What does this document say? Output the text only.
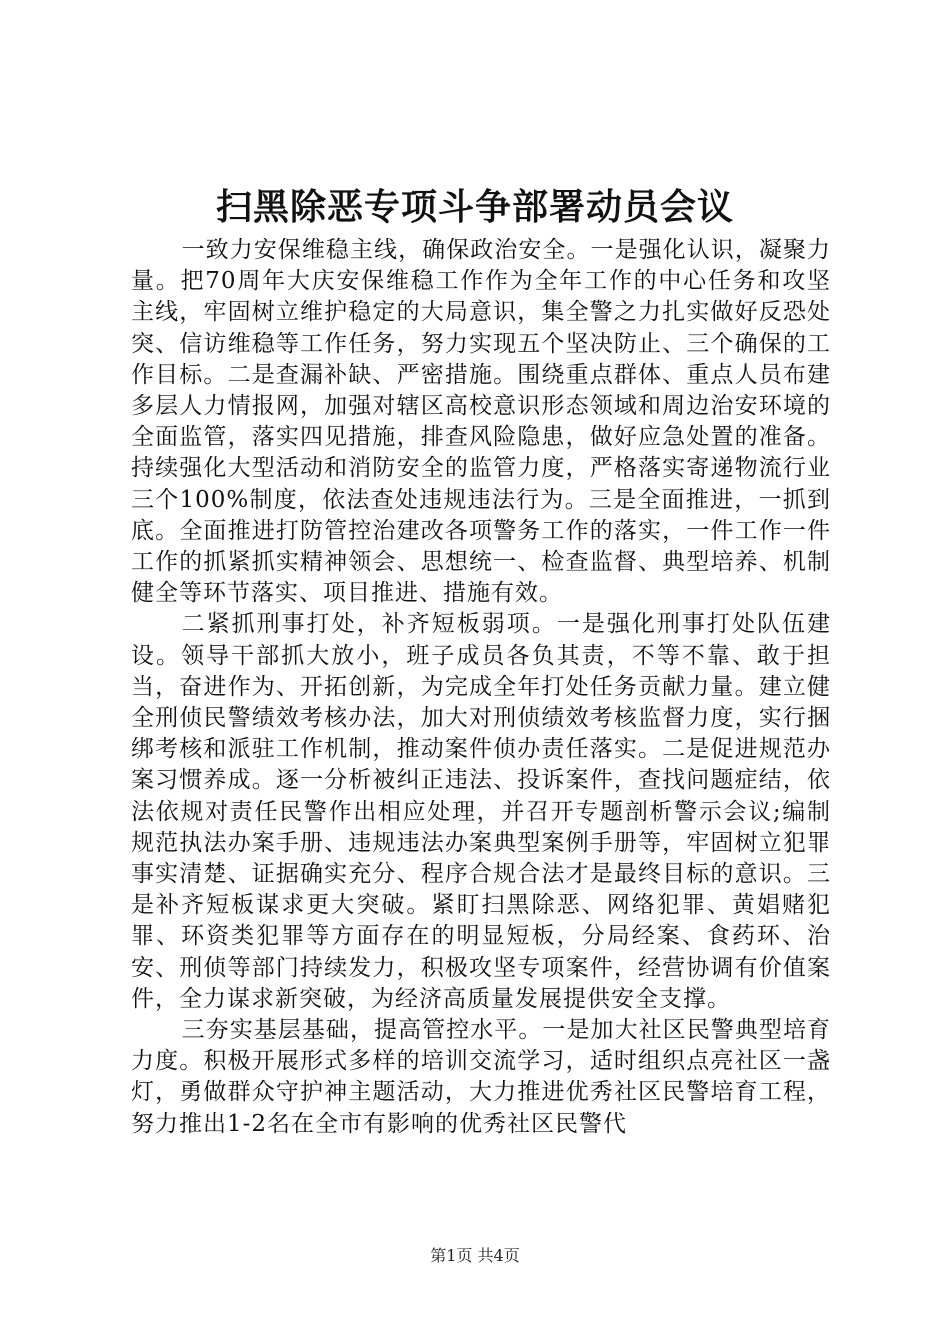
扫黑除恶专项斗争部署动员会议

一致力安保维稳主线，确保政治安全。一是强化认识，凝聚力量。把70周年大庆安保维稳工作作为全年工作的中心任务和攻坚主线，牢固树立维护稳定的大局意识，集全警之力扎实做好反恐处突、信访维稳等工作任务，努力实现五个坚决防止、三个确保的工作目标。二是查漏补缺、严密措施。围绕重点群体、重点人员布建多层人力情报网，加强对辖区高校意识形态领域和周边治安环境的全面监管，落实四见措施，排查风险隐患，做好应急处置的准备。持续强化大型活动和消防安全的监管力度，严格落实寄递物流行业三个100%制度，依法查处违规违法行为。三是全面推进，一抓到底。全面推进打防管控治建改各项警务工作的落实，一件工作一件工作的抓紧抓实精神领会、思想统一、检查监督、典型培养、机制健全等环节落实、项目推进、措施有效。

二紧抓刑事打处，补齐短板弱项。一是强化刑事打处队伍建设。领导干部抓大放小，班子成员各负其责，不等不靠、敢于担当，奋进作为、开拓创新，为完成全年打处任务贡献力量。建立健全刑侦民警绩效考核办法，加大对刑侦绩效考核监督力度，实行捆绑考核和派驻工作机制，推动案件侦办责任落实。二是促进规范办案习惯养成。逐一分析被纠正违法、投诉案件，查找问题症结，依法依规对责任民警作出相应处理，并召开专题剖析警示会议;编制规范执法办案手册、违规违法办案典型案例手册等，牢固树立犯罪事实清楚、证据确实充分、程序合规合法才是最终目标的意识。三是补齐短板谋求更大突破。紧盯扫黑除恶、网络犯罪、黄娼赌犯罪、环资类犯罪等方面存在的明显短板，分局经案、食药环、治安、刑侦等部门持续发力，积极攻坚专项案件，经营协调有价值案件，全力谋求新突破，为经济高质量发展提供安全支撑。

三夯实基层基础，提高管控水平。一是加大社区民警典型培育力度。积极开展形式多样的培训交流学习，适时组织点亮社区一盏灯，勇做群众守护神主题活动，大力推进优秀社区民警培育工程，努力推出1-2名在全市有影响的优秀社区民警代

第1页 共4页
